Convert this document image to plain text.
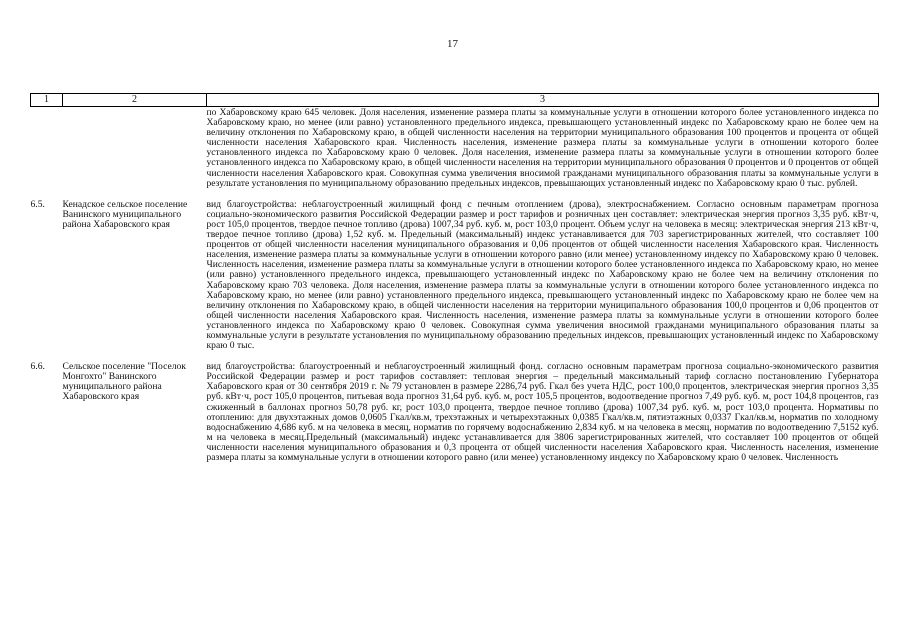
17
1	2	3
		по Хабаровскому краю 645 человек. Доля населения, изменение размера платы за коммунальные услуги в отношении которого более установленного индекса по Хабаровскому краю, но менее (или равно) установленного предельного индекса, превышающего установленный индекс по Хабаровскому краю не более чем на величину отклонения по Хабаровскому краю, в общей численности населения на территории муниципального образования 100 процентов и процента от общей численности населения Хабаровского края. Численность населения, изменение размера платы за коммунальные услуги в отношении которого более установленного индекса по Хабаровскому краю 0 человек. Доля населения, изменение размера платы за коммунальные услуги в отношении которого более установленного индекса по Хабаровскому краю, в общей численности населения на территории муниципального образования 0 процентов и 0 процентов от общей численности населения Хабаровского края. Совокупная сумма увеличения вносимой гражданами муниципального образования платы за коммунальные услуги в результате установления по муниципальному образованию предельных индексов, превышающих установленный индекс по Хабаровскому краю 0 тыс. рублей.
6.5.	Кенадское сельское поселение Ванинского муниципального района Хабаровского края	вид благоустройства: неблагоустроенный жилищный фонд с печным отоплением (дрова), электроснабжением. Согласно основным параметрам прогноза социально-экономического развития Российской Федерации размер и рост тарифов и розничных цен составляет: электрическая энергия прогноз 3,35 руб. кВт·ч, рост 105,0 процентов, твердое печное топливо (дрова) 1007,34 руб. куб. м, рост 103,0 процент. Объем услуг на человека в месяц: электрическая энергия 213 кВт·ч, твердое печное топливо (дрова) 1,52 куб. м. Предельный (максимальный) индекс устанавливается для 703 зарегистрированных жителей, что составляет 100 процентов от общей численности населения муниципального образования и 0,06 процентов от общей численности населения Хабаровского края. Численность населения, изменение размера платы за коммунальные услуги в отношении которого равно (или менее) установленному индексу по Хабаровскому краю 0 человек. Численность населения, изменение размера платы за коммунальные услуги в отношении которого более установленного индекса по Хабаровскому краю, но менее (или равно) установленного предельного индекса, превышающего установленный индекс по Хабаровскому краю не более чем на величину отклонения по Хабаровскому краю 703 человека. Доля населения, изменение размера платы за коммунальные услуги в отношении которого более установленного индекса по Хабаровскому краю, но менее (или равно) установленного предельного индекса, превышающего установленный индекс по Хабаровскому краю не более чем на величину отклонения по Хабаровскому краю, в общей численности населения на территории муниципального образования 100,0 процентов и 0,06 процентов от общей численности населения Хабаровского края. Численность населения, изменение размера платы за коммунальные услуги в отношении которого более установленного индекса по Хабаровскому краю 0 человек. Совокупная сумма увеличения вносимой гражданами муниципального образования платы за коммунальные услуги в результате установления по муниципальному образованию предельных индексов, превышающих установленный индекс по Хабаровскому краю 0 тыс.
6.6.	Сельское поселение "Поселок Монгохто" Ванинского муниципального района Хабаровского края	вид благоустройства: благоустроенный и неблагоустроенный жилищный фонд. согласно основным параметрам прогноза социально-экономического развития Российской Федерации размер и рост тарифов составляет: тепловая энергия – предельный максимальный тариф согласно постановлению Губернатора Хабаровского края от 30 сентября 2019 г. № 79 установлен в размере 2286,74 руб. Гкал без учета НДС, рост 100,0 процентов, электрическая энергия прогноз 3,35 руб. кВт·ч, рост 105,0 процентов, питьевая вода прогноз 31,64 руб. куб. м, рост 105,5 процентов, водоотведение прогноз 7,49 руб. куб. м, рост 104,8 процентов, газ сжиженный в баллонах прогноз 50,78 руб. кг, рост 103,0 процента, твердое печное топливо (дрова) 1007,34 руб. куб. м, рост 103,0 процента. Нормативы по отоплению: для двухэтажных домов 0,0605 Гкал/кв.м, трехэтажных и четырехэтажных 0,0385 Гкал/кв.м, пятиэтажных 0,0337 Гкал/кв.м, норматив по холодному водоснабжению 4,686 куб. м на человека в месяц, норматив по горячему водоснабжению 2,834 куб. м на человека в месяц, норматив по водоотведению 7,5152 куб. м на человека в месяц.Предельный (максимальный) индекс устанавливается для 3806 зарегистрированных жителей, что составляет 100 процентов от общей численности населения муниципального образования и 0,3 процента от общей численности населения Хабаровского края. Численность населения, изменение размера платы за коммунальные услуги в отношении которого равно (или менее) установленному индексу по Хабаровскому краю 0 человек. Численность
